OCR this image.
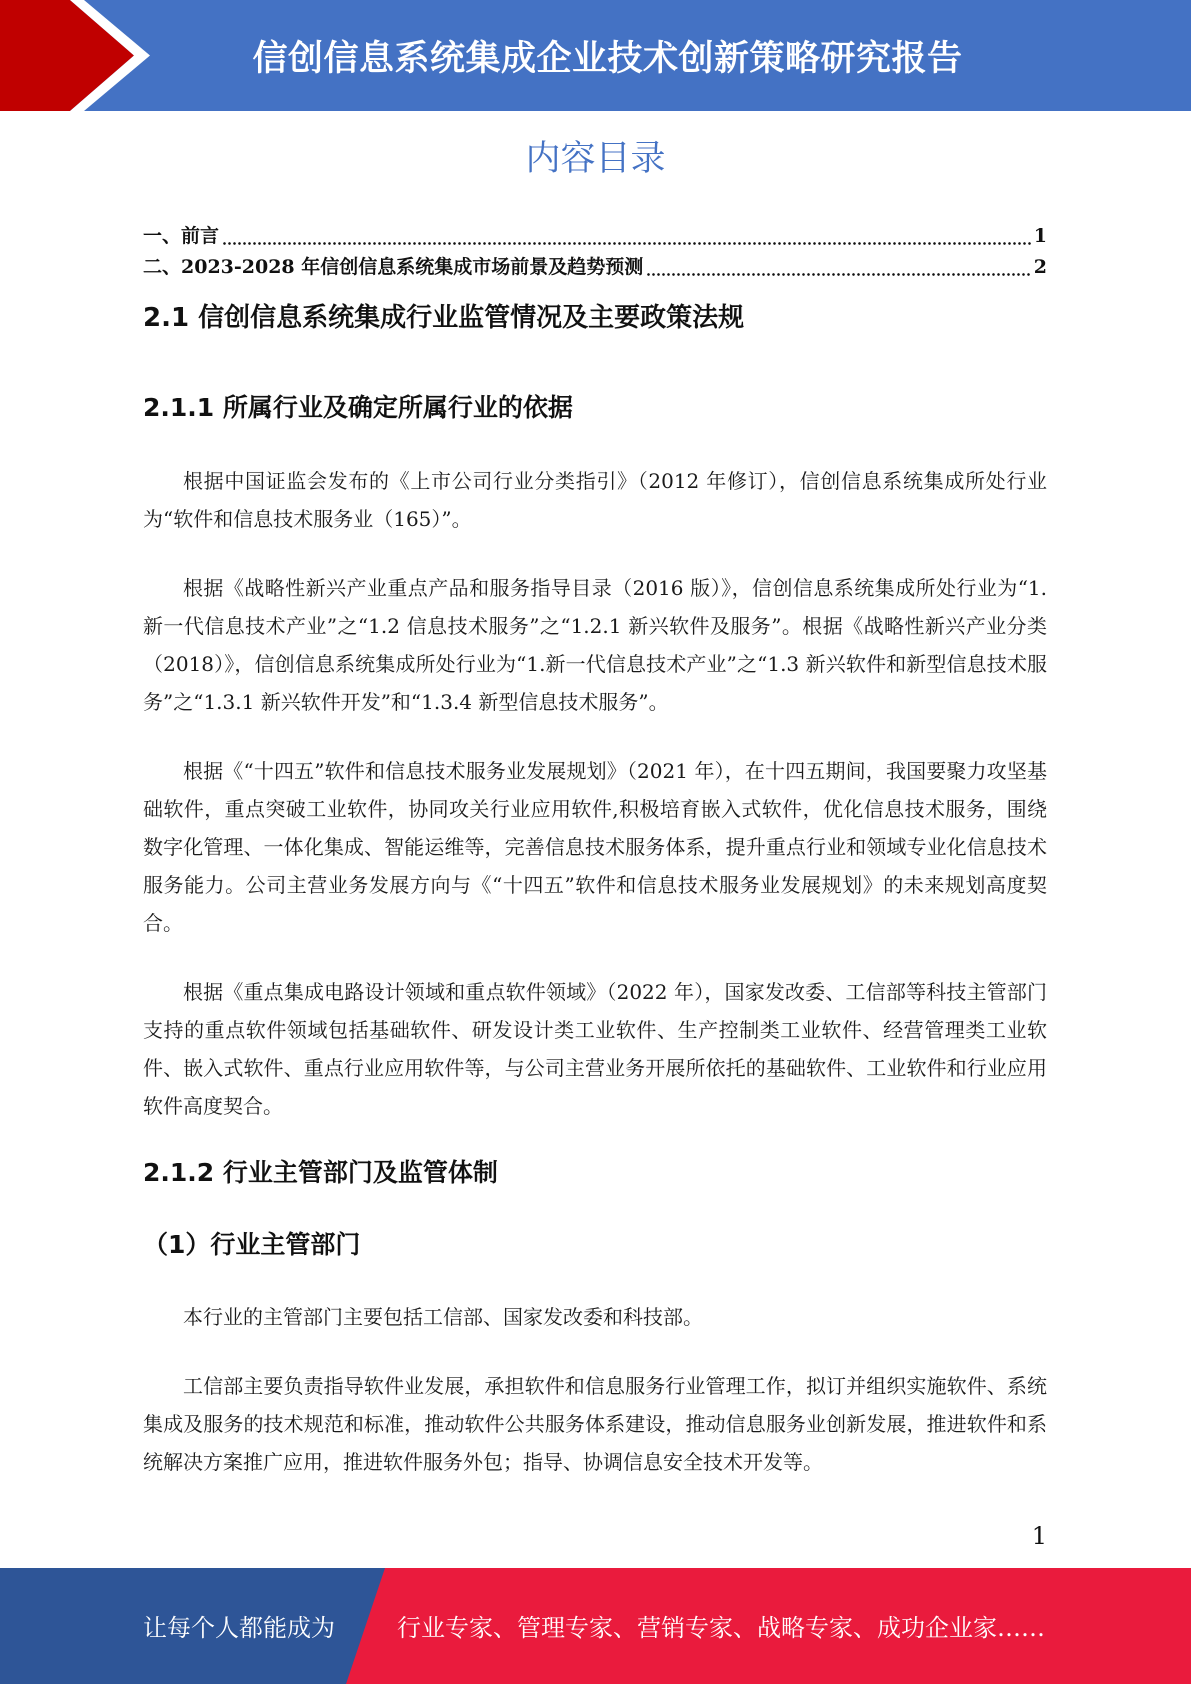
信创信息系统集成企业技术创新策略研究报告
内容目录
一、前言	1
二、2023-2028 年信创信息系统集成市场前景及趋势预测	2
2.1 信创信息系统集成行业监管情况及主要政策法规
2.1.1 所属行业及确定所属行业的依据

根据中国证监会发布的《上市公司行业分类指引》（2012 年修订），信创信息系统集成所处行业为“软件和信息技术服务业（165）”。

根据《战略性新兴产业重点产品和服务指导目录（2016 版）》，信创信息系统集成所处行业为“1.新一代信息技术产业”之“1.2 信息技术服务”之“1.2.1 新兴软件及服务”。根据《战略性新兴产业分类（2018）》，信创信息系统集成所处行业为“1.新一代信息技术产业”之“1.3 新兴软件和新型信息技术服务”之“1.3.1 新兴软件开发”和“1.3.4 新型信息技术服务”。

根据《“十四五”软件和信息技术服务业发展规划》（2021 年），在十四五期间，我国要聚力攻坚基础软件，重点突破工业软件，协同攻关行业应用软件,积极培育嵌入式软件，优化信息技术服务，围绕数字化管理、一体化集成、智能运维等，完善信息技术服务体系，提升重点行业和领域专业化信息技术服务能力。公司主营业务发展方向与《“十四五”软件和信息技术服务业发展规划》的未来规划高度契合。

根据《重点集成电路设计领域和重点软件领域》（2022 年），国家发改委、工信部等科技主管部门支持的重点软件领域包括基础软件、研发设计类工业软件、生产控制类工业软件、经营管理类工业软件、嵌入式软件、重点行业应用软件等，与公司主营业务开展所依托的基础软件、工业软件和行业应用软件高度契合。

2.1.2 行业主管部门及监管体制
（1）行业主管部门

本行业的主管部门主要包括工信部、国家发改委和科技部。

工信部主要负责指导软件业发展，承担软件和信息服务行业管理工作，拟订并组织实施软件、系统集成及服务的技术规范和标准，推动软件公共服务体系建设，推动信息服务业创新发展，推进软件和系统解决方案推广应用，推进软件服务外包；指导、协调信息安全技术开发等。

1
让每个人都能成为	行业专家、管理专家、营销专家、战略专家、成功企业家……
